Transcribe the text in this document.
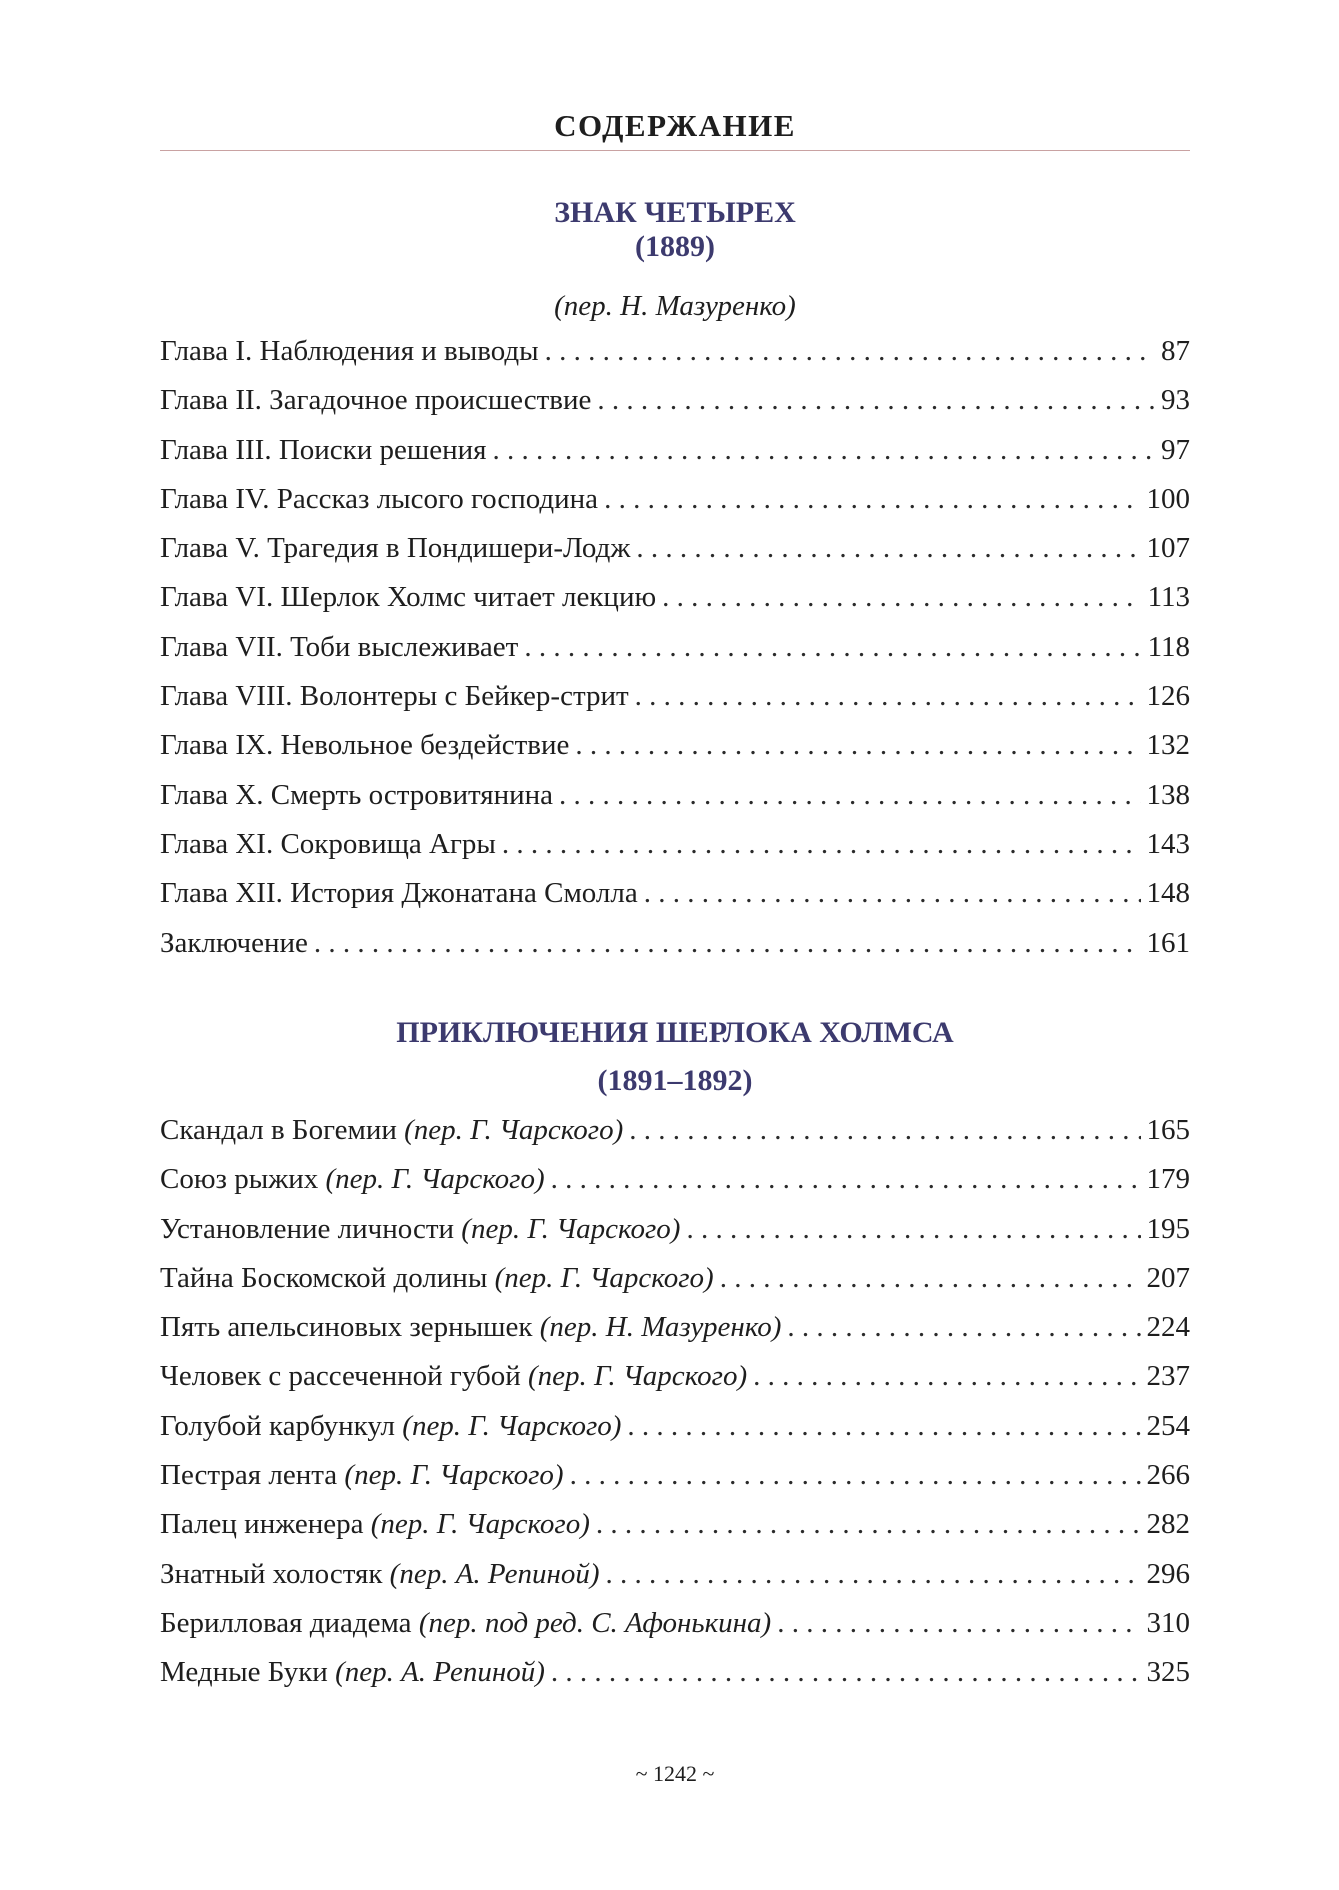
СОДЕРЖАНИЕ
ЗНАК ЧЕТЫРЕХ
(1889)
(пер. Н. Мазуренко)
Глава I. Наблюдения и выводы . . .	87
Глава II. Загадочное происшествие . . .	93
Глава III. Поиски решения . . .	97
Глава IV. Рассказ лысого господина . . .	100
Глава V. Трагедия в Пондишери-Лодж . . .	107
Глава VI. Шерлок Холмс читает лекцию . . .	113
Глава VII. Тоби выслеживает . . .	118
Глава VIII. Волонтеры с Бейкер-стрит . . .	126
Глава IX. Невольное бездействие . . .	132
Глава X. Смерть островитянина . . .	138
Глава XI. Сокровища Агры . . .	143
Глава XII. История Джонатана Смолла . . .	148
Заключение . . .	161
ПРИКЛЮЧЕНИЯ ШЕРЛОКА ХОЛМСА
(1891–1892)
Скандал в Богемии (пер. Г. Чарского) . . .	165
Союз рыжих (пер. Г. Чарского) . . .	179
Установление личности (пер. Г. Чарского) . . .	195
Тайна Боскомской долины (пер. Г. Чарского) . . .	207
Пять апельсиновых зернышек (пер. Н. Мазуренко) . . .	224
Человек с рассеченной губой (пер. Г. Чарского) . . .	237
Голубой карбункул (пер. Г. Чарского) . . .	254
Пестрая лента (пер. Г. Чарского) . . .	266
Палец инженера (пер. Г. Чарского) . . .	282
Знатный холостяк (пер. А. Репиной) . . .	296
Берилловая диадема (пер. под ред. С. Афонькина) . . .	310
Медные Буки (пер. А. Репиной) . . .	325
~ 1242 ~
